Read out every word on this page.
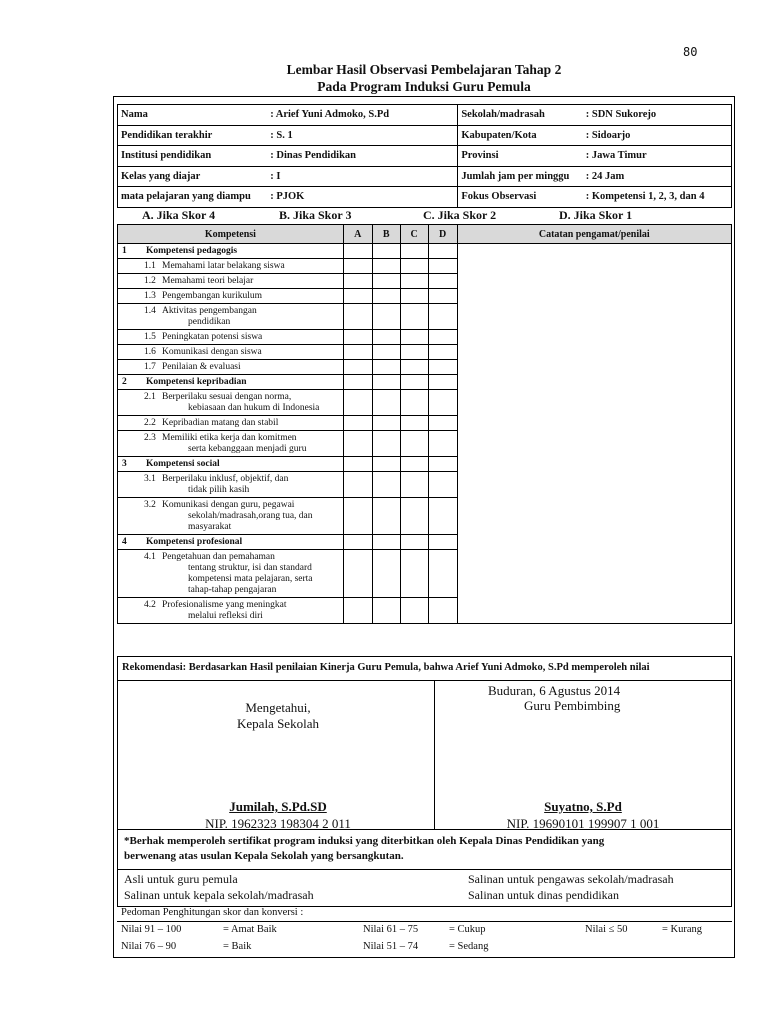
80
Lembar Hasil Observasi Pembelajaran Tahap 2
Pada Program Induksi Guru Pemula
Nama	: Arief Yuni Admoko, S.Pd	Sekolah/madrasah	: SDN Sukorejo
Pendidikan terakhir	: S. 1	Kabupaten/Kota	: Sidoarjo
Institusi pendidikan	: Dinas Pendidikan	Provinsi	: Jawa Timur
Kelas yang diajar	: I	Jumlah jam per minggu	: 24 Jam
mata pelajaran yang diampu	: PJOK	Fokus Observasi	: Kompetensi 1, 2, 3, dan 4
A. Jika Skor 4	B. Jika Skor 3	C. Jika Skor 2	D. Jika Skor 1
Kompetensi	A	B	C	D	Catatan pengamat/penilai
1 Kompetensi pedagogis					
1.1 Memahami latar belakang siswa					
1.2 Memahami teori belajar					
1.3 Pengembangan kurikulum					
1.4 Aktivitas pengembangan
pendidikan					

1.5 Peningkatan potensi siswa					
1.6 Komunikasi dengan siswa					
1.7 Penilaian & evaluasi					
2 Kompetensi kepribadian					
2.1 Berperilaku sesuai dengan norma,
kebiasaan dan hukum di Indonesia					

2.2 Kepribadian matang dan stabil					
2.3 Memiliki etika kerja dan komitmen
serta kebanggaan menjadi guru					

3 Kompetensi social					
3.1 Berperilaku inklusf, objektif, dan
tidak pilih kasih					

3.2 Komunikasi dengan guru, pegawai
sekolah/madrasah,orang tua, dan
masyarakat					

4 Kompetensi profesional					
4.1 Pengetahuan dan pemahaman
tentang struktur, isi dan standard
kompetensi mata pelajaran, serta
tahap-tahap pengajaran					

4.2 Profesionalisme yang meningkat
melalui refleksi diri					

Rekomendasi: Berdasarkan Hasil penilaian Kinerja Guru Pemula, bahwa Arief Yuni Admoko, S.Pd memperoleh nilai
Mengetahui,
Kepala Sekolah
Jumilah, S.Pd.SD
NIP. 1962323 198304 2 011
Buduran, 6 Agustus 2014
Guru Pembimbing
Suyatno, S.Pd
NIP. 19690101 199907 1 001
*Berhak memperoleh sertifikat program induksi yang diterbitkan oleh Kepala Dinas Pendidikan yang
berwenang atas usulan Kepala Sekolah yang bersangkutan.
Asli untuk guru pemula	Salinan untuk pengawas sekolah/madrasah
Salinan untuk kepala sekolah/madrasah	Salinan untuk dinas pendidikan
Pedoman Penghitungan skor dan konversi :
Nilai 91 – 100	= Amat Baik	Nilai 61 – 75	= Cukup	Nilai ≤ 50	= Kurang
Nilai 76 – 90	= Baik	Nilai 51 – 74	= Sedang
